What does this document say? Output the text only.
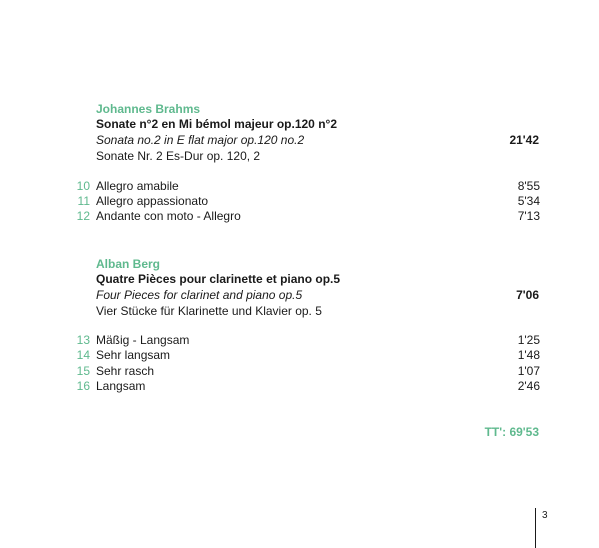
Johannes Brahms
Sonate n°2 en Mi bémol majeur op.120 n°2
Sonata no.2 in E flat major op.120 no.2	21'42
Sonate Nr. 2 Es-Dur op. 120, 2
10 Allegro amabile	8'55
11 Allegro appassionato	5'34
12 Andante con moto - Allegro	7'13
Alban Berg
Quatre Pièces pour clarinette et piano op.5
Four Pieces for clarinet and piano op.5	7'06
Vier Stücke für Klarinette und Klavier op. 5
13 Mäßig - Langsam	1'25
14 Sehr langsam	1'48
15 Sehr rasch	1'07
16 Langsam	2'46
TT': 69'53
3
